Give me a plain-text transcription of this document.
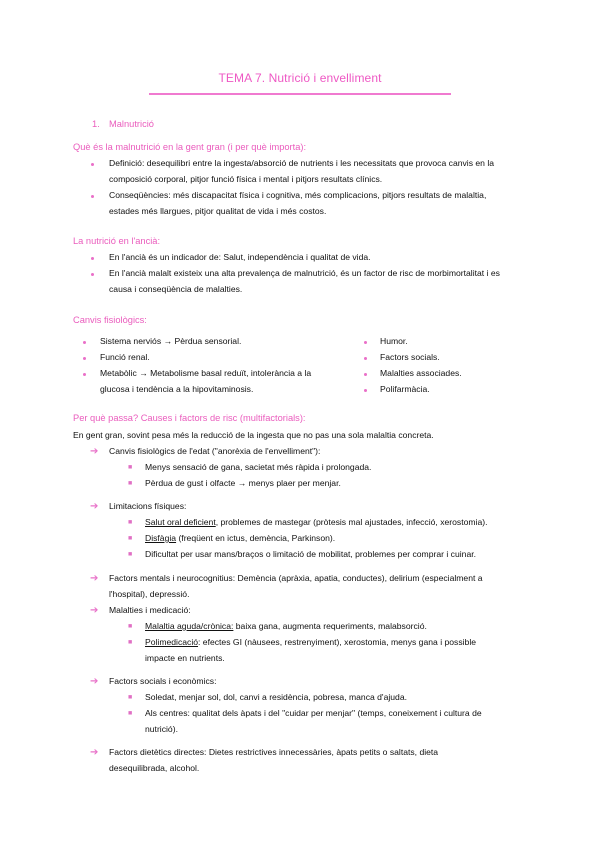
TEMA 7. Nutrició i envelliment
1. Malnutrició
Què és la malnutrició en la gent gran (i per què importa):
Definició: desequilibri entre la ingesta/absorció de nutrients i les necessitats que provoca canvis en la
composició corporal, pitjor funció física i mental i pitjors resultats clínics.
Conseqüències: més discapacitat física i cognitiva, més complicacions, pitjors resultats de malaltia,
estades més llargues, pitjor qualitat de vida i més costos.
La nutrició en l'ancià:
En l'ancià és un indicador de: Salut, independència i qualitat de vida.
En l'ancià malalt existeix una alta prevalença de malnutrició, és un factor de risc de morbimortalitat i es
causa i conseqüència de malalties.
Canvis fisiològics:
Sistema nerviós → Pèrdua sensorial.
Funció renal.
Metabòlic → Metabolisme basal reduït, intolerància a la
glucosa i tendència a la hipovitaminosis.
Humor.
Factors socials.
Malalties associades.
Polifarmàcia.
Per què passa? Causes i factors de risc (multifactorials):
En gent gran, sovint pesa més la reducció de la ingesta que no pas una sola malaltia concreta.
➔ Canvis fisiològics de l'edat ("anorèxia de l'envelliment"):
■ Menys sensació de gana, sacietat més ràpida i prolongada.
■ Pèrdua de gust i olfacte → menys plaer per menjar.
➔ Limitacions físiques:
■ Salut oral deficient, problemes de mastegar (pròtesis mal ajustades, infecció, xerostomia).
■ Disfàgia (freqüent en ictus, demència, Parkinson).
■ Dificultat per usar mans/braços o limitació de mobilitat, problemes per comprar i cuinar.
➔ Factors mentals i neurocognitius: Demència (apràxia, apatia, conductes), delirium (especialment a
l'hospital), depressió.
➔ Malalties i medicació:
■ Malaltia aguda/crònica: baixa gana, augmenta requeriments, malabsorció.
■ Polimedicació: efectes GI (nàusees, restrenyiment), xerostomia, menys gana i possible
impacte en nutrients.
➔ Factors socials i econòmics:
■ Soledat, menjar sol, dol, canvi a residència, pobresa, manca d'ajuda.
■ Als centres: qualitat dels àpats i del "cuidar per menjar" (temps, coneixement i cultura de
nutrició).
➔ Factors dietètics directes: Dietes restrictives innecessàries, àpats petits o saltats, dieta
desequilibrada, alcohol.
